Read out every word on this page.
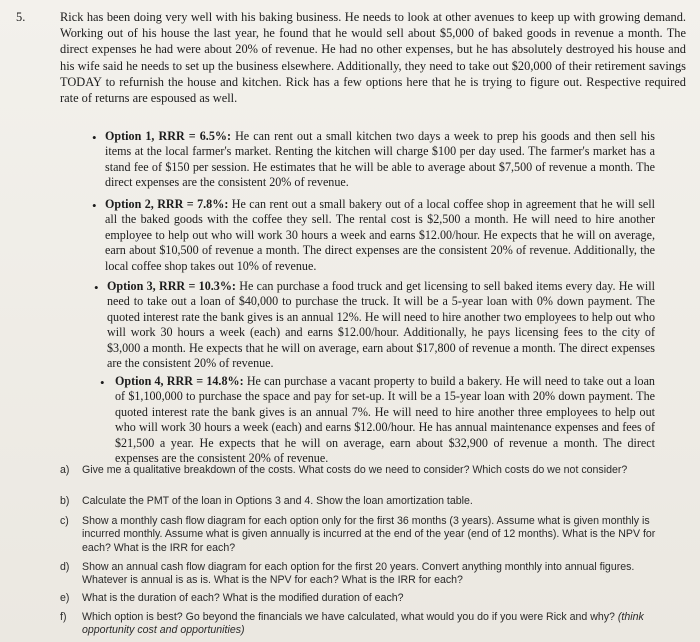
5.	Rick has been doing very well with his baking business. He needs to look at other avenues to keep up with growing demand. Working out of his house the last year, he found that he would sell about $5,000 of baked goods in revenue a month. The direct expenses he had were about 20% of revenue. He had no other expenses, but he has absolutely destroyed his house and his wife said he needs to set up the business elsewhere. Additionally, they need to take out $20,000 of their retirement savings TODAY to refurnish the house and kitchen. Rick has a few options here that he is trying to figure out. Respective required rate of returns are espoused as well.
• Option 1, RRR = 6.5%: He can rent out a small kitchen two days a week to prep his goods and then sell his items at the local farmer's market. Renting the kitchen will charge $100 per day used. The farmer's market has a stand fee of $150 per session. He estimates that he will be able to average about $7,500 of revenue a month. The direct expenses are the consistent 20% of revenue.
• Option 2, RRR = 7.8%: He can rent out a small bakery out of a local coffee shop in agreement that he will sell all the baked goods with the coffee they sell. The rental cost is $2,500 a month. He will need to hire another employee to help out who will work 30 hours a week and earns $12.00/hour. He expects that he will on average, earn about $10,500 of revenue a month. The direct expenses are the consistent 20% of revenue. Additionally, the local coffee shop takes out 10% of revenue.
• Option 3, RRR = 10.3%: He can purchase a food truck and get licensing to sell baked items every day. He will need to take out a loan of $40,000 to purchase the truck. It will be a 5-year loan with 0% down payment. The quoted interest rate the bank gives is an annual 12%. He will need to hire another two employees to help out who will work 30 hours a week (each) and earns $12.00/hour. Additionally, he pays licensing fees to the city of $3,000 a month. He expects that he will on average, earn about $17,800 of revenue a month. The direct expenses are the consistent 20% of revenue.
• Option 4, RRR = 14.8%: He can purchase a vacant property to build a bakery. He will need to take out a loan of $1,100,000 to purchase the space and pay for set-up. It will be a 15-year loan with 20% down payment. The quoted interest rate the bank gives is an annual 7%. He will need to hire another three employees to help out who will work 30 hours a week (each) and earns $12.00/hour. He has annual maintenance expenses and fees of $21,500 a year. He expects that he will on average, earn about $32,900 of revenue a month. The direct expenses are the consistent 20% of revenue.
a)	Give me a qualitative breakdown of the costs. What costs do we need to consider? Which costs do we not consider?
b)	Calculate the PMT of the loan in Options 3 and 4. Show the loan amortization table.
c)	Show a monthly cash flow diagram for each option only for the first 36 months (3 years). Assume what is given monthly is incurred monthly. Assume what is given annually is incurred at the end of the year (end of 12 months). What is the NPV for each? What is the IRR for each?
d)	Show an annual cash flow diagram for each option for the first 20 years. Convert anything monthly into annual figures. Whatever is annual is as is. What is the NPV for each? What is the IRR for each?
e)	What is the duration of each? What is the modified duration of each?
f)	Which option is best? Go beyond the financials we have calculated, what would you do if you were Rick and why? (think opportunity cost and opportunities)
